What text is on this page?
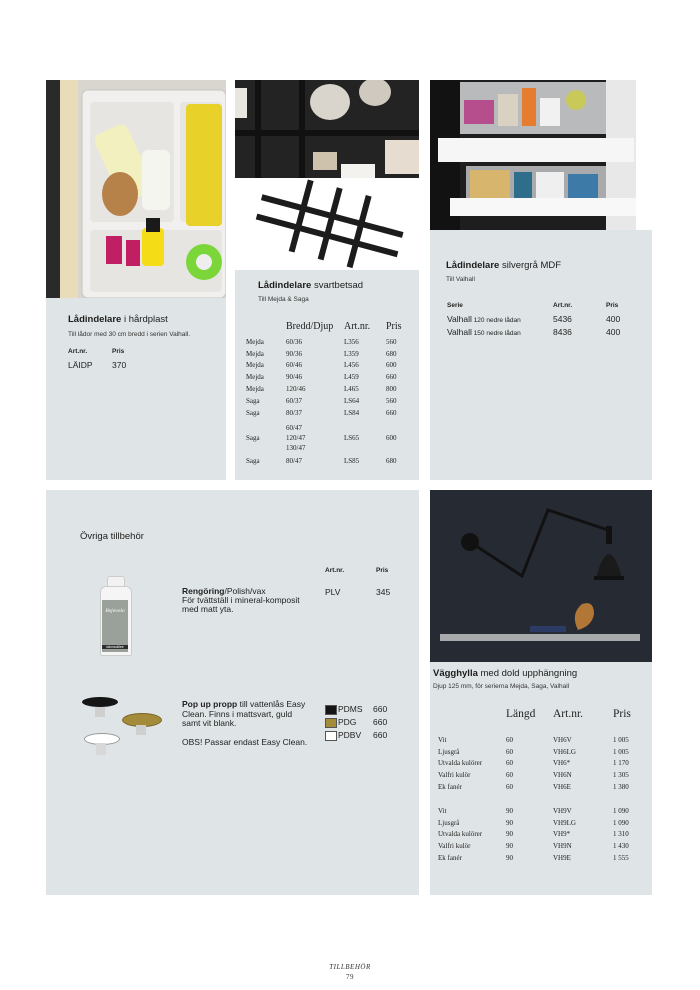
Lådindelare i hårdplast
Till lådor med 30 cm bredd i serien Valhall.
Art.nr.	Pris
LÄIDP 370
Lådindelare svartbetsad
Till Mejda & Saga
	Bredd/Djup	Art.nr.	Pris
Mejda	60/36	L356	560
Mejda	90/36	L359	680
Mejda	60/46	L456	600
Mejda	90/46	L459	660
Mejda	120/46	L465	800
Saga	60/37	LS64	560
Saga	80/37	LS84	660
Saga	60/47
120/47
130/47	LS65	600
Saga	80/47	LS85	680
Lådindelare silvergrå MDF
Till Valhall
Serie	Art.nr.	Pris
Valhall 120 nedre lådan	5436	400
Valhall 150 nedre lådan	8436	400
Övriga tillbehör
Art.nr.	Pris
Bejevolo
sännsolliee
Rengöring/Polish/vax
För tvättställ i mineral-komposit med matt yta.
PLV	345
Pop up propp till vattenlås Easy Clean. Finns i mattsvart, guld samt vit blank.
OBS! Passar endast Easy Clean.
PDMS 660
PDG 660
PDBV 660
Vägghylla med dold upphängning
Djup 125 mm, för serierna Mejda, Saga, Valhall
	Längd	Art.nr.	Pris
Vit	60	VH6V	1 005
Ljusgrå	60	VH6LG	1 005
Utvalda kulörer	60	VH6*	1 170
Valfri kulör	60	VH6N	1 305
Ek fanér	60	VH6E	1 380

Vit	90	VH9V	1 090
Ljusgrå	90	VH9LG	1 090
Utvalda kulörer	90	VH9*	1 310
Valfri kulör	90	VH9N	1 430
Ek fanér	90	VH9E	1 555
TILLBEHÖR
79
